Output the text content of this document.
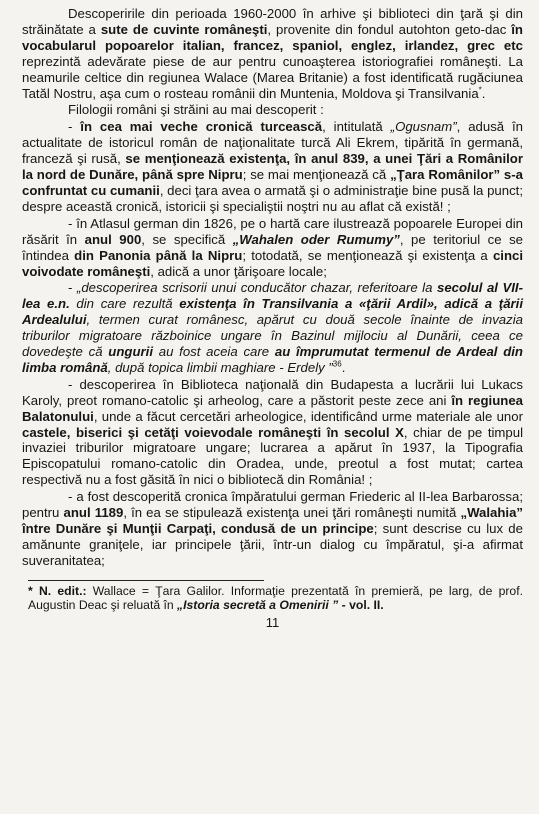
Descoperirile din perioada 1960-2000 în arhive şi biblioteci din ţară şi din străinătate a sute de cuvinte româneşti, provenite din fondul autohton geto-dac în vocabularul popoarelor italian, francez, spaniol, englez, irlandez, grec etc reprezintă adevărate piese de aur pentru cunoaşterea istoriografiei româneşti. La neamurile celtice din regiunea Walace (Marea Britanie) a fost identificată rugăciunea Tatăl Nostru, aşa cum o rosteau românii din Muntenia, Moldova şi Transilvania*.

Filologii români şi străini au mai descoperit :

- în cea mai veche cronică turcească, intitulată „Ogusnam”, adusă în actualitate de istoricul român de naţionalitate turcă Ali Ekrem, tipărită în germană, franceză şi rusă, se menţionează existenţa, în anul 839, a unei Ţări a Românilor la nord de Dunăre, până spre Nipru; se mai menţionează că „Ţara Românilor” s-a confruntat cu cumanii, deci ţara avea o armată şi o administraţie bine pusă la punct; despre această cronică, istoricii şi specialiştii noştri nu au aflat că există! ;

- în Atlasul german din 1826, pe o hartă care ilustrează popoarele Europei din răsărit în anul 900, se specifică „Wahalen oder Rumumy”, pe teritoriul ce se întindea din Panonia până la Nipru; totodată, se menţionează şi existenţa a cinci voivodate româneşti, adică a unor ţărişoare locale;

- „descoperirea scrisorii unui conducător chazar, referitoare la secolul al VII-lea e.n. din care rezultă existenţa în Transilvania a «ţării Ardil», adică a ţării Ardealului, termen curat românesc, apărut cu două secole înainte de invazia triburilor migratoare războinice ungare în Bazinul mijlociu al Dunării, ceea ce dovedeşte că ungurii au fost aceia care au împrumutat termenul de Ardeal din limba română, după topica limbii maghiare - Erdely ”$^{36}$.

- descoperirea în Biblioteca naţională din Budapesta a lucrării lui Lukacs Karoly, preot romano-catolic şi arheolog, care a păstorit peste zece ani în regiunea Balatonului, unde a făcut cercetări arheologice, identificând urme materiale ale unor castele, biserici şi cetăţi voievodale româneşti în secolul X, chiar de pe timpul invaziei triburilor migratoare ungare; lucrarea a apărut în 1937, la Tipografia Episcopatului romano-catolic din Oradea, unde, preotul a fost mutat; cartea respectivă nu a fost găsită în nici o bibliotecă din România! ;

- a fost descoperită cronica împăratului german Friederic al II-lea Barbarossa; pentru anul 1189, în ea se stipulează existenţa unei ţări româneşti numită „Walahia” între Dunăre şi Munţii Carpaţi, condusă de un principe; sunt descrise cu lux de amănunte graniţele, iar principele ţării, într-un dialog cu împăratul, şi-a afirmat suveranitatea;

* N. edit.: Wallace = Ţara Galilor. Informaţie prezentată în premieră, pe larg, de prof. Augustin Deac şi reluată în „Istoria secretă a Omenirii ” - vol. II.

11
